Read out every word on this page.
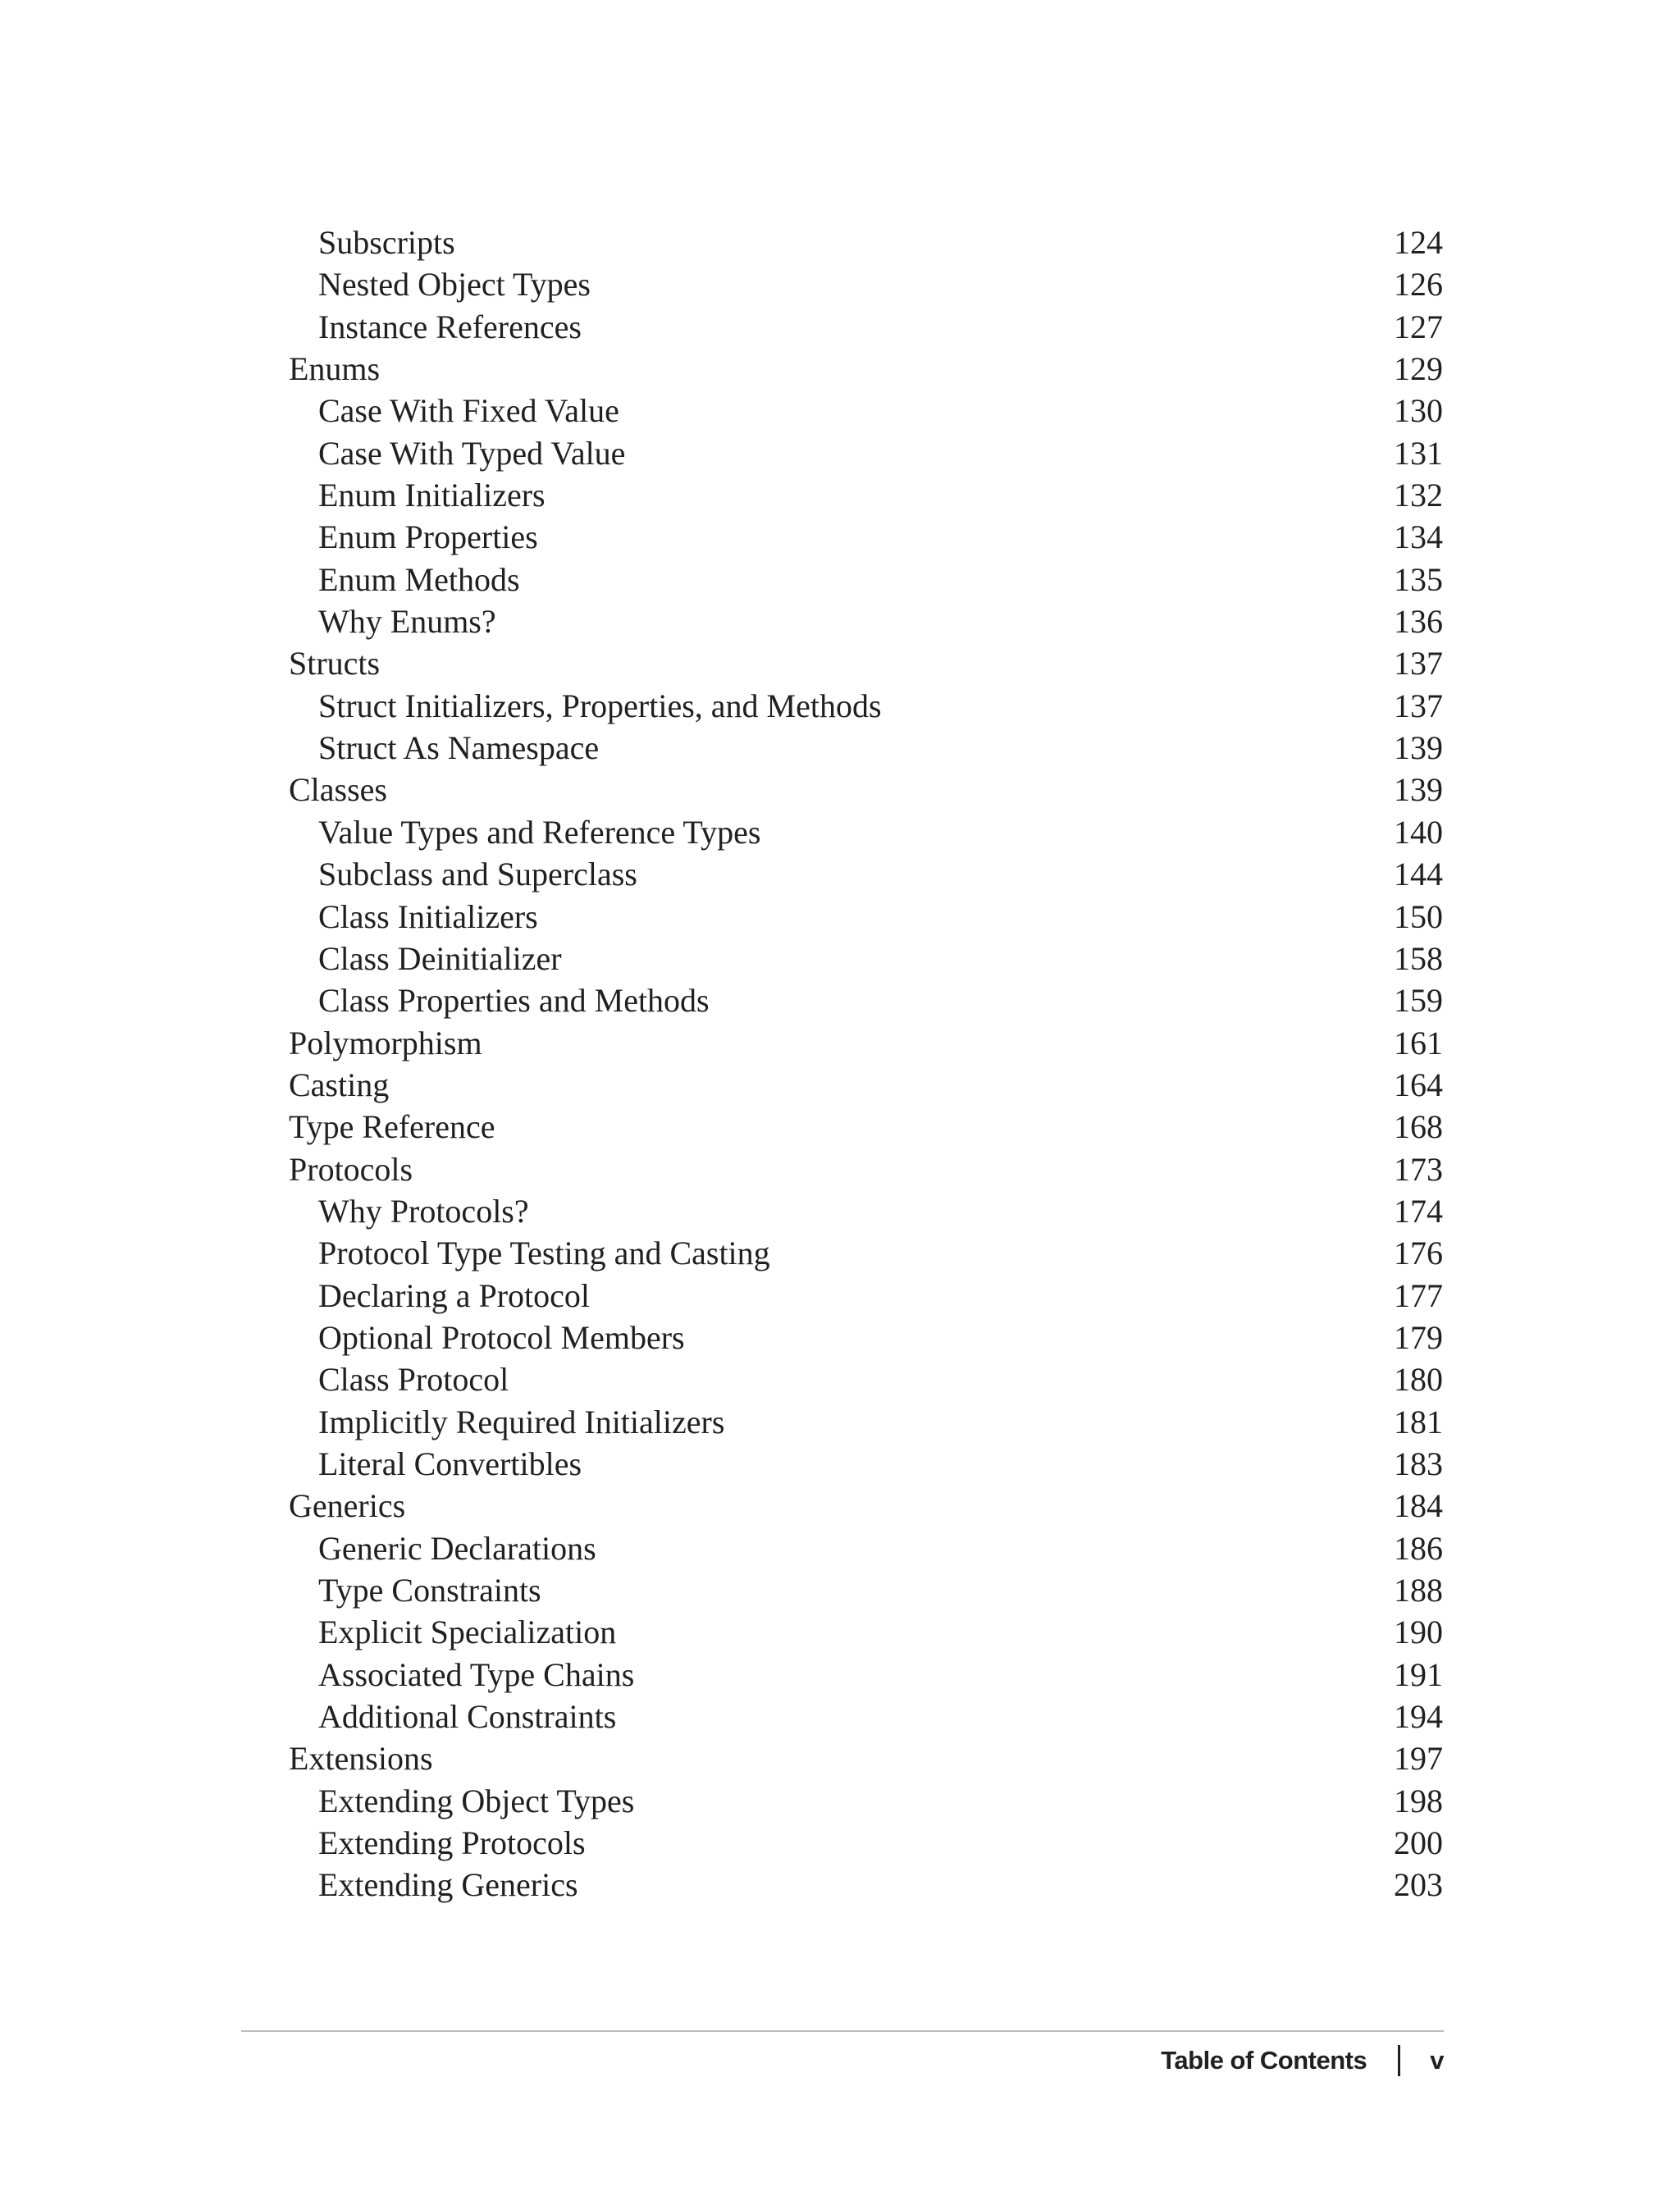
Subscripts	124
Nested Object Types	126
Instance References	127
Enums	129
Case With Fixed Value	130
Case With Typed Value	131
Enum Initializers	132
Enum Properties	134
Enum Methods	135
Why Enums?	136
Structs	137
Struct Initializers, Properties, and Methods	137
Struct As Namespace	139
Classes	139
Value Types and Reference Types	140
Subclass and Superclass	144
Class Initializers	150
Class Deinitializer	158
Class Properties and Methods	159
Polymorphism	161
Casting	164
Type Reference	168
Protocols	173
Why Protocols?	174
Protocol Type Testing and Casting	176
Declaring a Protocol	177
Optional Protocol Members	179
Class Protocol	180
Implicitly Required Initializers	181
Literal Convertibles	183
Generics	184
Generic Declarations	186
Type Constraints	188
Explicit Specialization	190
Associated Type Chains	191
Additional Constraints	194
Extensions	197
Extending Object Types	198
Extending Protocols	200
Extending Generics	203
Table of Contents v
